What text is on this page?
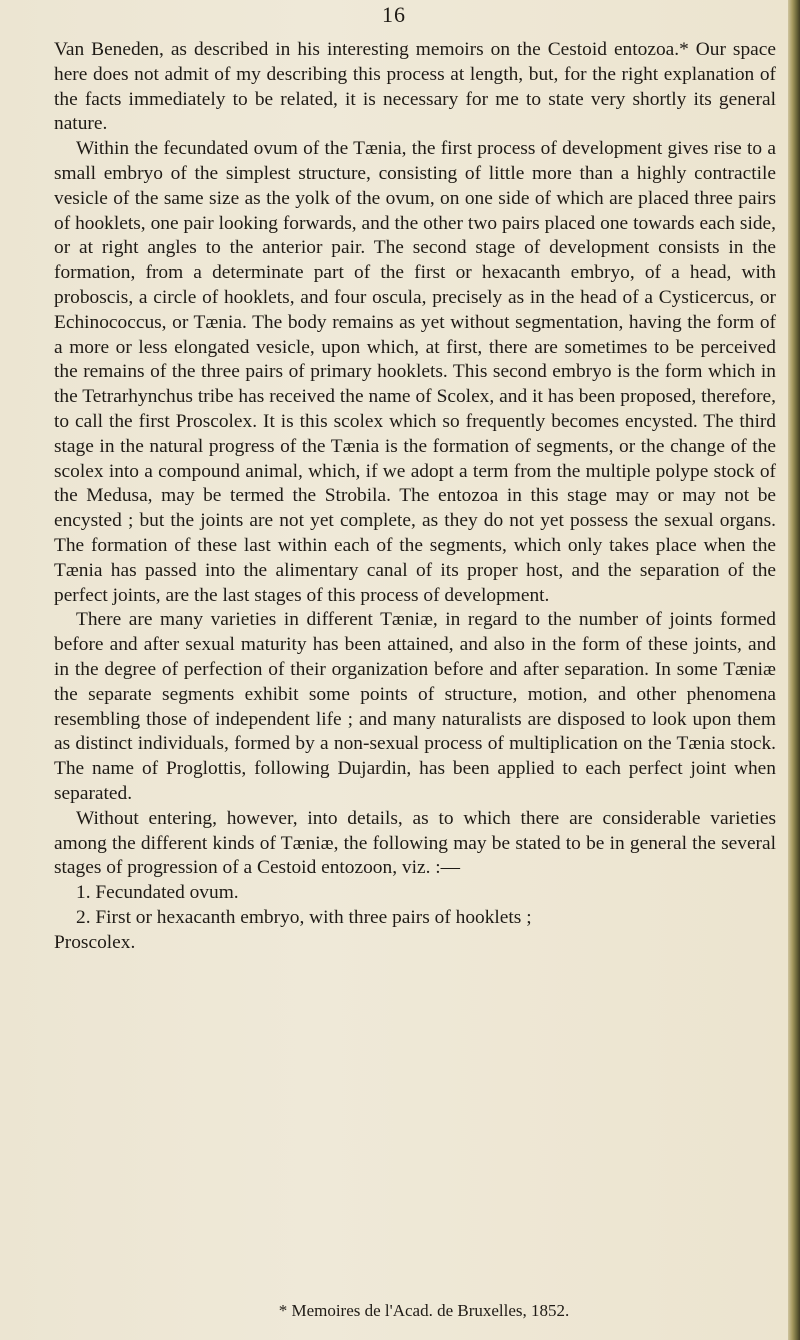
16

Van Beneden, as described in his interesting memoirs on the Cestoid entozoa.* Our space here does not admit of my describing this process at length, but, for the right explanation of the facts immediately to be related, it is necessary for me to state very shortly its general nature.

Within the fecundated ovum of the Tænia, the first process of development gives rise to a small embryo of the simplest structure, consisting of little more than a highly contractile vesicle of the same size as the yolk of the ovum, on one side of which are placed three pairs of hooklets, one pair looking forwards, and the other two pairs placed one towards each side, or at right angles to the anterior pair. The second stage of development consists in the formation, from a determinate part of the first or hexacanth embryo, of a head, with proboscis, a circle of hooklets, and four oscula, precisely as in the head of a Cysticercus, or Echinococcus, or Tænia. The body remains as yet without segmentation, having the form of a more or less elongated vesicle, upon which, at first, there are sometimes to be perceived the remains of the three pairs of primary hooklets. This second embryo is the form which in the Tetrarhynchus tribe has received the name of Scolex, and it has been proposed, therefore, to call the first Proscolex. It is this scolex which so frequently becomes encysted. The third stage in the natural progress of the Tænia is the formation of segments, or the change of the scolex into a compound animal, which, if we adopt a term from the multiple polype stock of the Medusa, may be termed the Strobila. The entozoa in this stage may or may not be encysted ; but the joints are not yet complete, as they do not yet possess the sexual organs. The formation of these last within each of the segments, which only takes place when the Tænia has passed into the alimentary canal of its proper host, and the separation of the perfect joints, are the last stages of this process of development.

There are many varieties in different Tæniæ, in regard to the number of joints formed before and after sexual maturity has been attained, and also in the form of these joints, and in the degree of perfection of their organization before and after separation. In some Tæniæ the separate segments exhibit some points of structure, motion, and other phenomena resembling those of independent life ; and many naturalists are disposed to look upon them as distinct individuals, formed by a non-sexual process of multiplication on the Tænia stock. The name of Proglottis, following Dujardin, has been applied to each perfect joint when separated.

Without entering, however, into details, as to which there are considerable varieties among the different kinds of Tæniæ, the following may be stated to be in general the several stages of progression of a Cestoid entozoon, viz. :—

1. Fecundated ovum.

2. First or hexacanth embryo, with three pairs of hooklets ;

Proscolex.

* Memoires de l'Acad. de Bruxelles, 1852.
